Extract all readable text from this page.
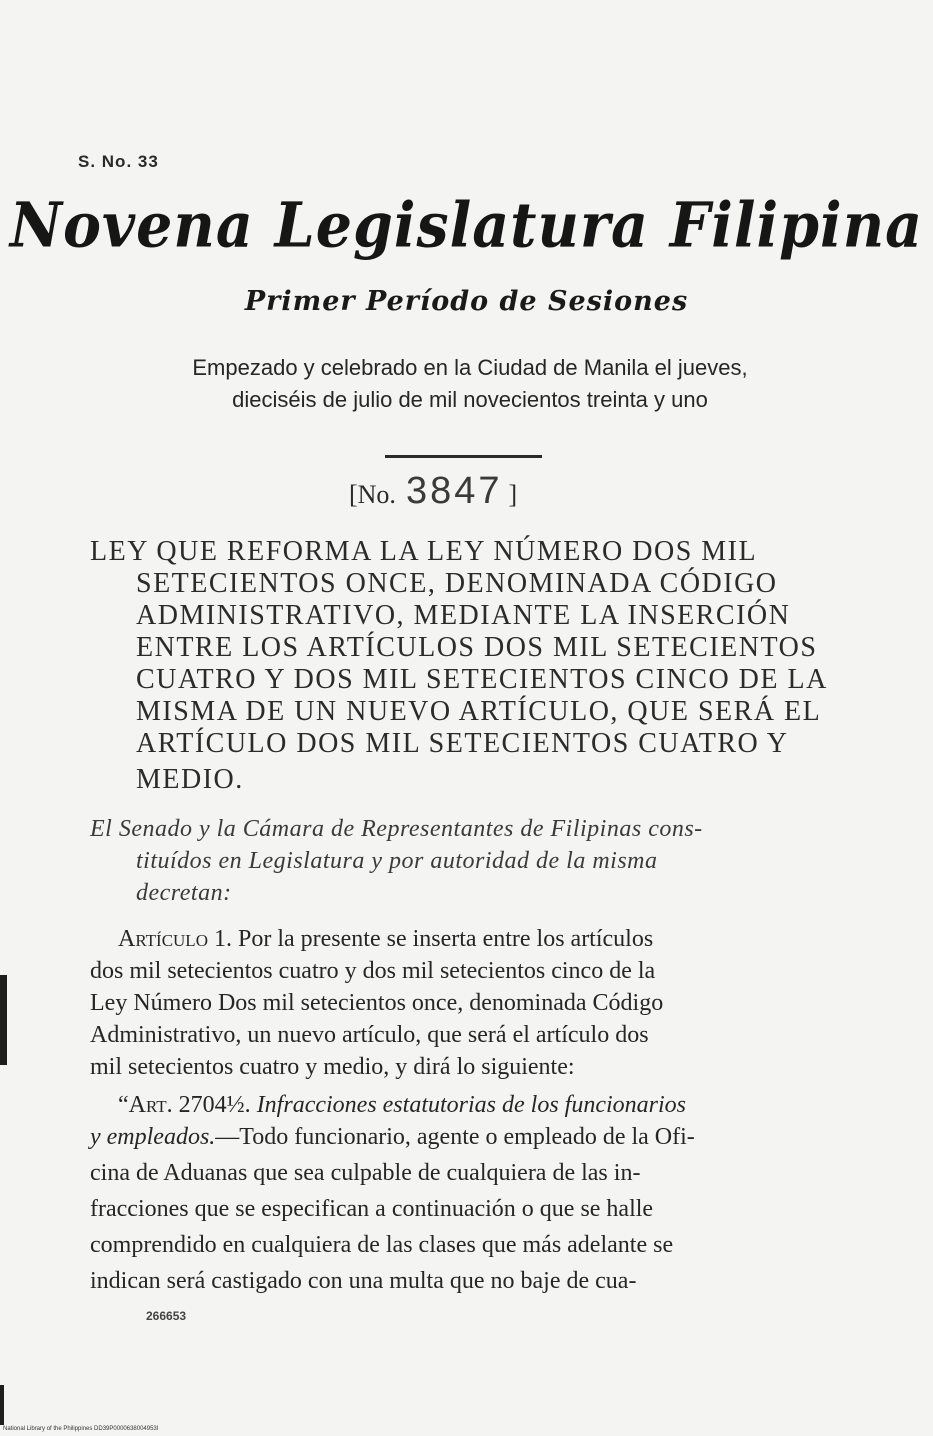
S. No. 33
Novena Legislatura Filipina
Primer Período de Sesiones
Empezado y celebrado en la Ciudad de Manila el jueves,
dieciséis de julio de mil novecientos treinta y uno
[No. 3847 ]
LEY QUE REFORMA LA LEY NÚMERO DOS MIL
SETECIENTOS ONCE, DENOMINADA CÓDIGO
ADMINISTRATIVO, MEDIANTE LA INSERCIÓN
ENTRE LOS ARTÍCULOS DOS MIL SETECIENTOS
CUATRO Y DOS MIL SETECIENTOS CINCO DE LA
MISMA DE UN NUEVO ARTÍCULO, QUE SERÁ EL
ARTÍCULO DOS MIL SETECIENTOS CUATRO Y
MEDIO.
El Senado y la Cámara de Representantes de Filipinas cons-
tituídos en Legislatura y por autoridad de la misma
decretan:
Artículo 1. Por la presente se inserta entre los artículos
dos mil setecientos cuatro y dos mil setecientos cinco de la
Ley Número Dos mil setecientos once, denominada Código
Administrativo, un nuevo artículo, que será el artículo dos
mil setecientos cuatro y medio, y dirá lo siguiente:
“Art. 2704½. Infracciones estatutorias de los funcionarios
y empleados.—Todo funcionario, agente o empleado de la Ofi-
cina de Aduanas que sea culpable de cualquiera de las in-
fracciones que se especifican a continuación o que se halle
comprendido en cualquiera de las clases que más adelante se
indican será castigado con una multa que no baje de cua-
266653
National Library of the Philippines DD39P0000638004953I
